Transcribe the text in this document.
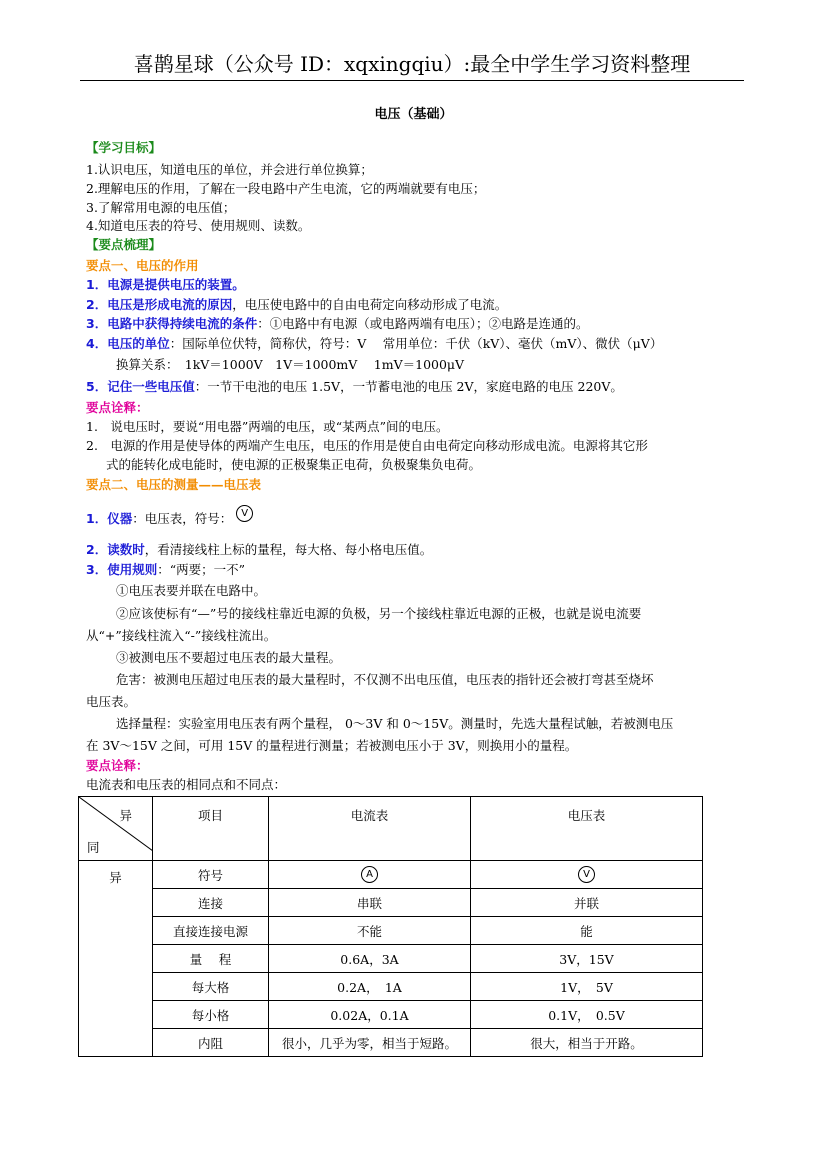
喜鹊星球（公众号 ID：xqxingqiu）:最全中学生学习资料整理
电压（基础）
【学习目标】
1.认识电压，知道电压的单位，并会进行单位换算；
2.理解电压的作用，了解在一段电路中产生电流，它的两端就要有电压；
3.了解常用电源的电压值；
4.知道电压表的符号、使用规则、读数。
【要点梳理】
要点一、电压的作用
1．电源是提供电压的装置。
2．电压是形成电流的原因，电压使电路中的自由电荷定向移动形成了电流。
3．电路中获得持续电流的条件：①电路中有电源（或电路两端有电压）；②电路是连通的。
4．电压的单位：国际单位伏特，简称伏，符号：V　 常用单位：千伏（kV）、毫伏（mV）、微伏（μV）
换算关系：　1kV＝1000V　1V＝1000mV　 1mV＝1000μV
5．记住一些电压值：一节干电池的电压 1.5V，一节蓄电池的电压 2V，家庭电路的电压 220V。
要点诠释：
1.　说电压时，要说“用电器”两端的电压，或“某两点”间的电压。
2.　电源的作用是使导体的两端产生电压，电压的作用是使自由电荷定向移动形成电流。电源将其它形
式的能转化成电能时，使电源的正极聚集正电荷，负极聚集负电荷。
要点二、电压的测量——电压表
1．仪器：电压表，符号： V
2．读数时，看清接线柱上标的量程，每大格、每小格电压值。
3．使用规则：“两要；一不”
①电压表要并联在电路中。
②应该使标有“—”号的接线柱靠近电源的负极，另一个接线柱靠近电源的正极，也就是说电流要
从“+”接线柱流入“-”接线柱流出。
③被测电压不要超过电压表的最大量程。
危害：被测电压超过电压表的最大量程时，不仅测不出电压值，电压表的指针还会被打弯甚至烧坏
电压表。
选择量程：实验室用电压表有两个量程， 0～3V 和 0～15V。测量时，先选大量程试触，若被测电压
在 3V～15V 之间，可用 15V 的量程进行测量；若被测电压小于 3V，则换用小的量程。
要点诠释：
电流表和电压表的相同点和不同点：
异
同	项目	电流表	电压表
异	符号	A	V
	连接	串联	并联
	直接连接电源	不能	能
	量　 程	0.6A，3A	3V，15V
	每大格	0.2A，　1A	1V，　5V
	每小格	0.02A，0.1A	0.1V，　0.5V
	内阻	很小，几乎为零，相当于短路。	很大，相当于开路。
